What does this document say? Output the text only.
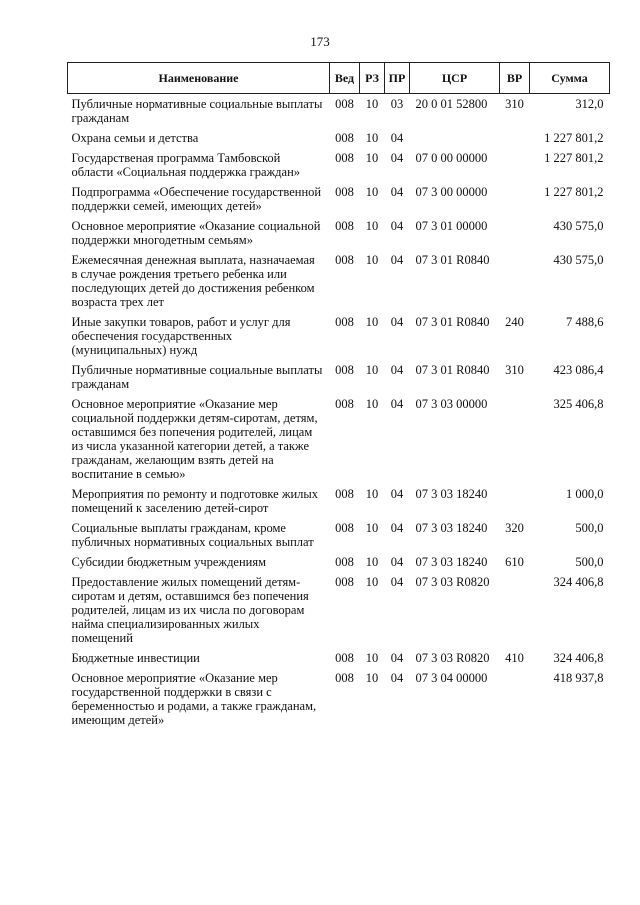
173
Наименование	Вед	РЗ	ПР	ЦСР	ВР	Сумма
Публичные нормативные социальные выплаты гражданам	008	10	03	20 0 01 52800	310	312,0
Охрана семьи и детства	008	10	04			1 227 801,2
Государственая программа Тамбовской области «Социальная поддержка граждан»	008	10	04	07 0 00 00000		1 227 801,2
Подпрограмма «Обеспечение государственной поддержки семей, имеющих детей»	008	10	04	07 3 00 00000		1 227 801,2
Основное мероприятие «Оказание социальной поддержки многодетным семьям»	008	10	04	07 3 01 00000		430 575,0
Ежемесячная денежная выплата, назначаемая в случае рождения третьего ребенка или последующих детей до достижения ребенком возраста трех лет	008	10	04	07 3 01 R0840		430 575,0
Иные закупки товаров, работ и услуг для обеспечения государственных (муниципальных) нужд	008	10	04	07 3 01 R0840	240	7 488,6
Публичные нормативные социальные выплаты гражданам	008	10	04	07 3 01 R0840	310	423 086,4
Основное мероприятие «Оказание мер социальной поддержки детям-сиротам, детям, оставшимся без попечения родителей, лицам из числа указанной категории детей, а также гражданам, желающим взять детей на воспитание в семью»	008	10	04	07 3 03 00000		325 406,8
Мероприятия по ремонту и подготовке жилых помещений к заселению детей-сирот	008	10	04	07 3 03 18240		1 000,0
Социальные выплаты гражданам, кроме публичных нормативных социальных выплат	008	10	04	07 3 03 18240	320	500,0
Субсидии бюджетным учреждениям	008	10	04	07 3 03 18240	610	500,0
Предоставление жилых помещений детям-сиротам и детям, оставшимся без попечения родителей, лицам из их числа по договорам найма специализированных жилых помещений	008	10	04	07 3 03 R0820		324 406,8
Бюджетные инвестиции	008	10	04	07 3 03 R0820	410	324 406,8
Основное мероприятие «Оказание мер государственной поддержки в связи с беременностью и родами, а также гражданам, имеющим детей»	008	10	04	07 3 04 00000		418 937,8
